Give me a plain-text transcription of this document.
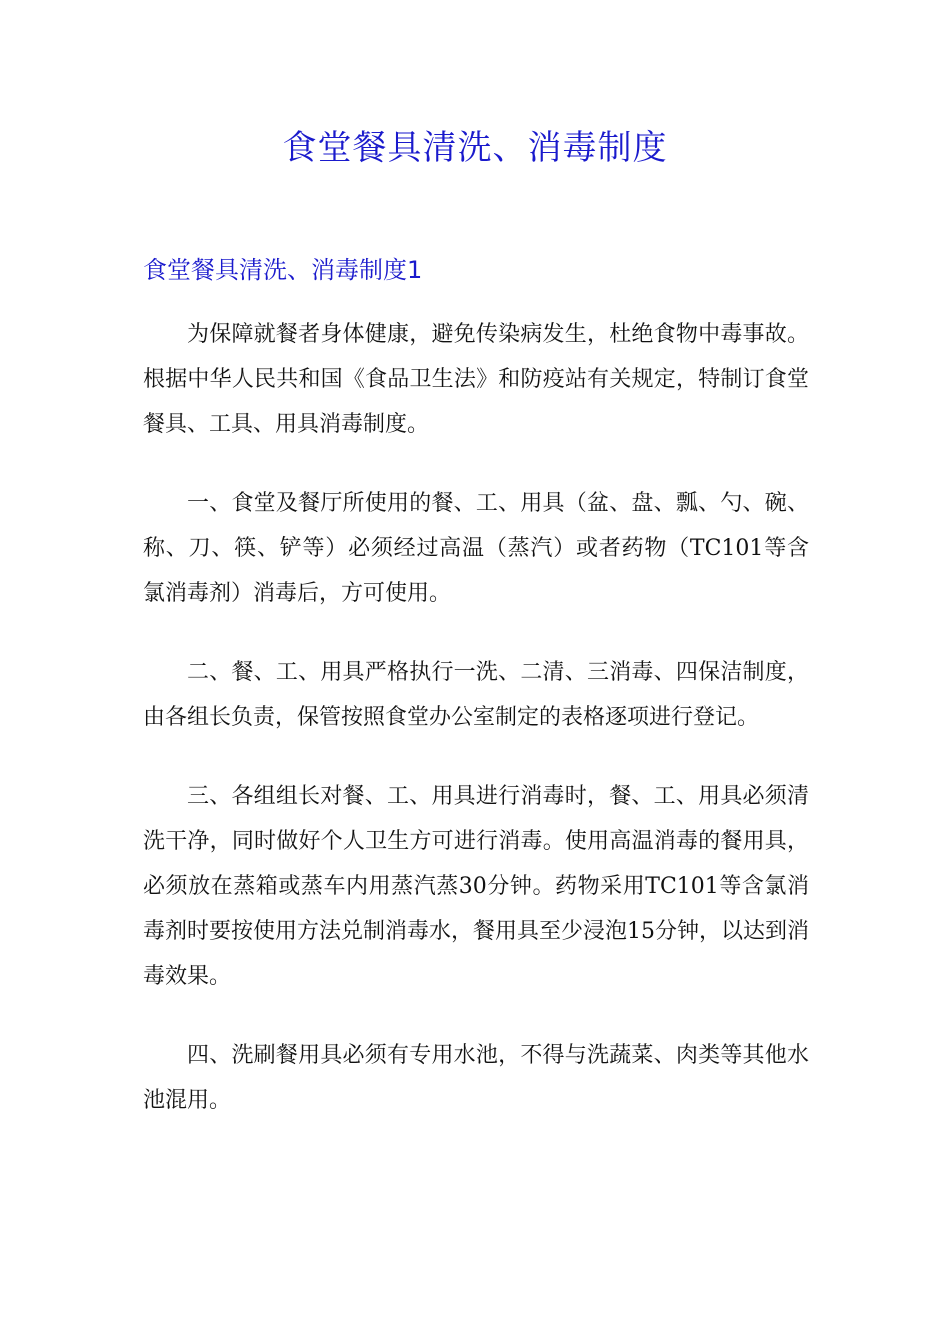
食堂餐具清洗、消毒制度
食堂餐具清洗、消毒制度1

为保障就餐者身体健康，避免传染病发生，杜绝食物中毒事故。根据中华人民共和国《食品卫生法》和防疫站有关规定，特制订食堂餐具、工具、用具消毒制度。

一、食堂及餐厅所使用的餐、工、用具（盆、盘、瓢、勺、碗、称、刀、筷、铲等）必须经过高温（蒸汽）或者药物（TC101等含氯消毒剂）消毒后，方可使用。

二、餐、工、用具严格执行一洗、二清、三消毒、四保洁制度，由各组长负责，保管按照食堂办公室制定的表格逐项进行登记。

三、各组组长对餐、工、用具进行消毒时，餐、工、用具必须清洗干净，同时做好个人卫生方可进行消毒。使用高温消毒的餐用具，必须放在蒸箱或蒸车内用蒸汽蒸30分钟。药物采用TC101等含氯消毒剂时要按使用方法兑制消毒水，餐用具至少浸泡15分钟，以达到消毒效果。

四、洗刷餐用具必须有专用水池，不得与洗蔬菜、肉类等其他水池混用。
